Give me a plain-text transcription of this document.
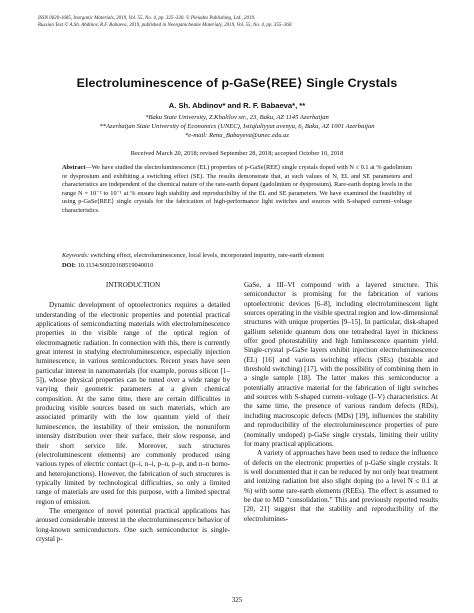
ISSN 0020-1685, Inorganic Materials, 2019, Vol. 55, No. 4, pp. 325–330. © Pleiades Publishing, Ltd., 2019.
Russian Text © A.Sh. Abdinov, R.F. Babaeva, 2019, published in Neorganicheskie Materialy, 2019, Vol. 55, No. 4, pp. 355–360.
Electroluminescence of p-GaSe⟨REE⟩ Single Crystals
A. Sh. Abdinov* and R. F. Babaeva*, **
*Baku State University, Z.Khalilov str., 23, Baku, AZ 1145 Azerbaijan
**Azerbaijan State University of Economics (UNEC), Istiqlaliyyat avenyu, 6, Baku, AZ 1001 Azerbaijan
*e-mail: Rena_Babayeva@unec.edu.az
Received March 20, 2018; revised September 28, 2018; accepted October 10, 2018
Abstract—We have studied the electroluminescence (EL) properties of p-GaSe⟨REE⟩ single crystals doped with N ≤ 0.1 at % gadolinium or dysprosium and exhibiting a switching effect (SE). The results demonstrate that, at such values of N, EL and SE parameters and characteristics are independent of the chemical nature of the rare-earth dopant (gadolinium or dysprosium). Rare-earth doping levels in the range N = 10⁻² to 10⁻¹ at % ensure high stability and reproducibility of the EL and SE parameters. We have examined the feasibility of using p-GaSe⟨REE⟩ single crystals for the fabrication of high-performance light switches and sources with S-shaped current–voltage characteristics.
Keywords: switching effect, electroluminescence, local levels, incorporated impurity, rare-earth element
DOI: 10.1134/S0020168519040010

INTRODUCTION

Dynamic development of optoelectronics requires a detailed understanding of the electronic properties and potential practical applications of semiconducting materials with electroluminescence properties in the visible range of the optical region of electromagnetic radiation. In connection with this, there is currently great interest in studying electroluminescence, especially injection luminescence, in various semiconductors. Recent years have seen particular interest in nanomaterials (for example, porous silicon [1–5]), whose physical properties can be tuned over a wide range by varying their geometric parameters at a given chemical composition. At the same time, there are certain difficulties in producing visible sources based on such materials, which are associated primarily with the low quantum yield of their luminescence, the instability of their emission, the nonuniform intensity distribution over their surface, their slow response, and their short service life. Moreover, such structures (electroluminescent elements) are commonly produced using various types of electric contact (p–i, n–i, p–n, p–p, and n–n homo- and heterojunctions). However, the fabrication of such structures is typically limited by technological difficulties, so only a limited range of materials are used for this purpose, with a limited spectral region of emission.

The emergence of novel potential practical applications has aroused considerable interest in the electroluminescence behavior of long-known semiconductors. One such semiconductor is single-crystal p-

GaSe, a III–VI compound with a layered structure. This semiconductor is promising for the fabrication of various optoelectronic devices [6–8], including electroluminescent light sources operating in the visible spectral region and low-dimensional structures with unique properties [9–15]. In particular, disk-shaped gallium selenide quantum dots one tetrahedral layer in thickness offer good photostability and high luminescence quantum yield. Single-crystal p-GaSe layers exhibit injection electroluminescence (EL) [16] and various switching effects (SEs) (bistable and threshold switching) [17], with the possibility of combining them in a single sample [18]. The latter makes this semiconductor a potentially attractive material for the fabrication of light switches and sources with S-shaped current–voltage (I–V) characteristics. At the same time, the presence of various random defects (RDs), including macroscopic defects (MDs) [19], influences the stability and reproducibility of the electroluminescence properties of pure (nominally undoped) p-GaSe single crystals, limiting their utility for many practical applications.

A variety of approaches have been used to reduce the influence of defects on the electronic properties of p-GaSe single crystals. It is well documented that it can be reduced by not only heat treatment and ionizing radiation but also slight doping (to a level N ≤ 0.1 at %) with some rare-earth elements (REEs). The effect is assumed to be due to MD “consolidation.” This and previously reported results [20, 21] suggest that the stability and reproducibility of the electrolumines-

325
